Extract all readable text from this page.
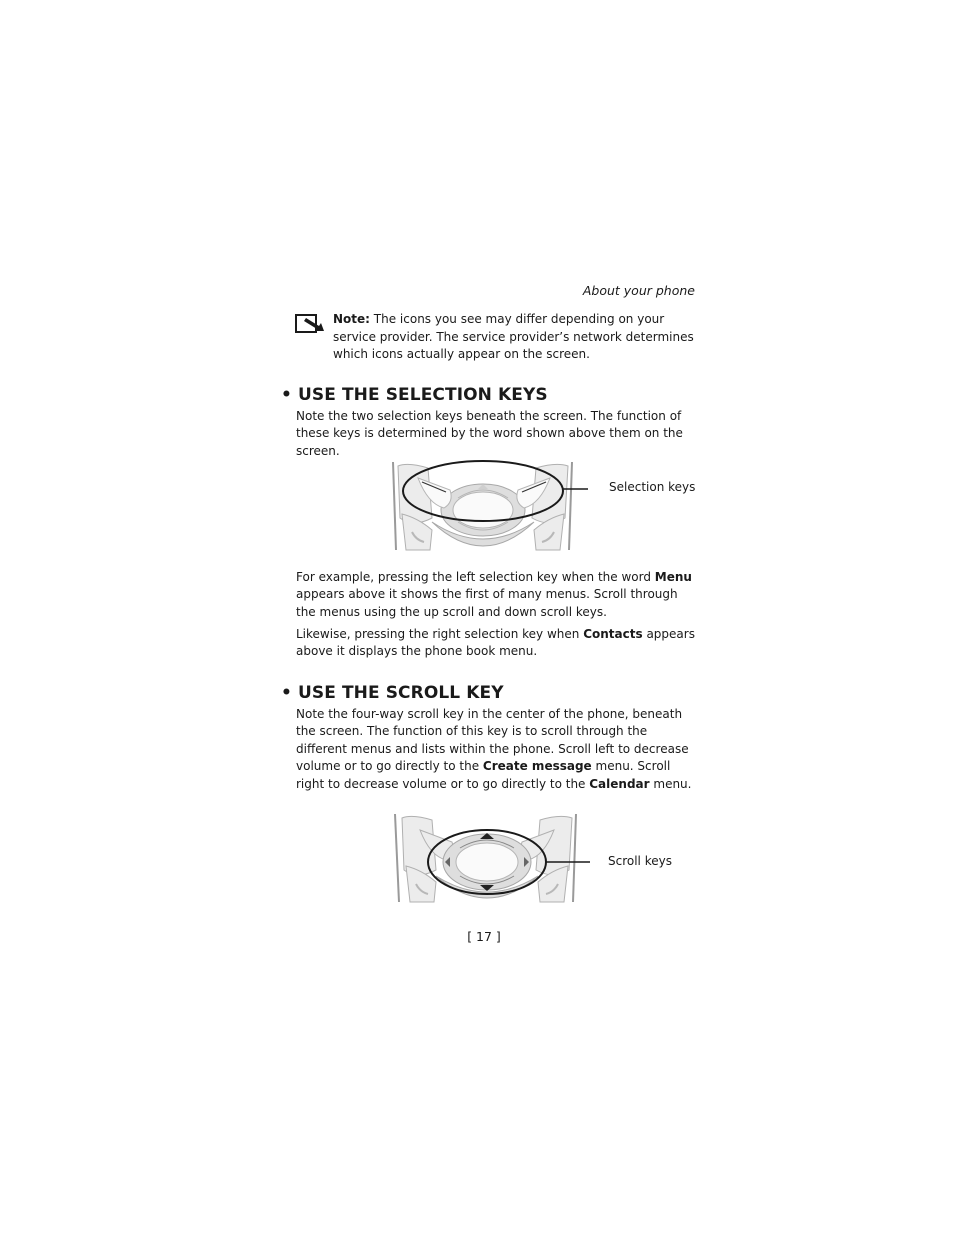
About your phone
Note: The icons you see may differ depending on your service provider. The service provider’s network determines which icons actually appear on the screen.
• USE THE SELECTION KEYS
Note the two selection keys beneath the screen. The function of these keys is determined by the word shown above them on the screen.
Selection keys
For example, pressing the left selection key when the word Menu appears above it shows the first of many menus. Scroll through the menus using the up scroll and down scroll keys.
Likewise, pressing the right selection key when Contacts appears above it displays the phone book menu.
• USE THE SCROLL KEY
Note the four-way scroll key in the center of the phone, beneath the screen. The function of this key is to scroll through the different menus and lists within the phone. Scroll left to decrease volume or to go directly to the Create message menu. Scroll right to decrease volume or to go directly to the Calendar menu.
Scroll keys
[ 17 ]
